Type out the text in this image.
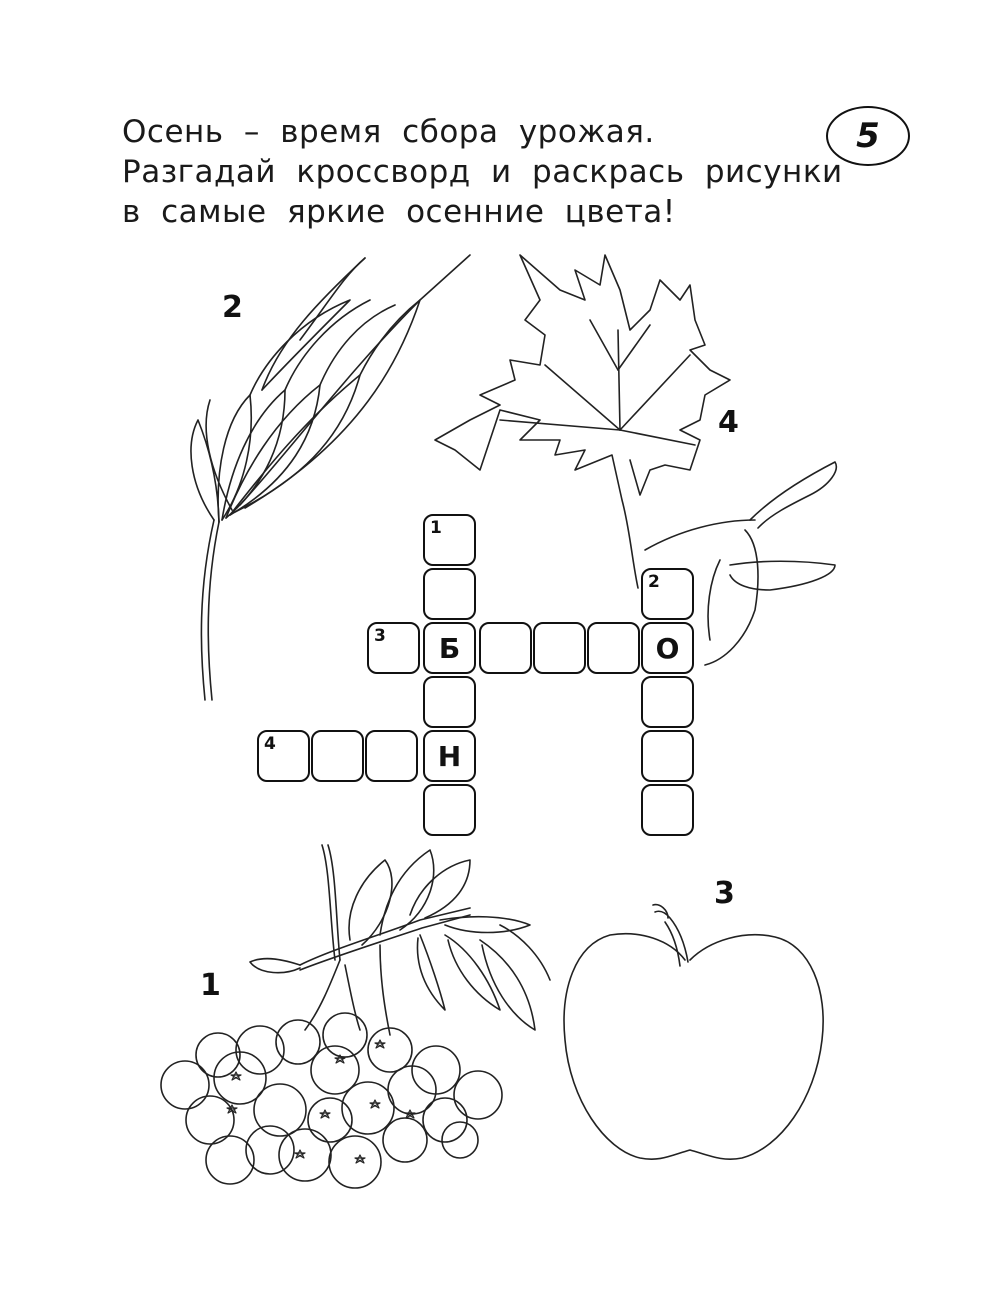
Осень – время сбора урожая.
Разгадай кроссворд и раскрась рисунки
в самые яркие осенние цвета!
5
2
4
1
3
1
Б
Н
3
2
О
4
